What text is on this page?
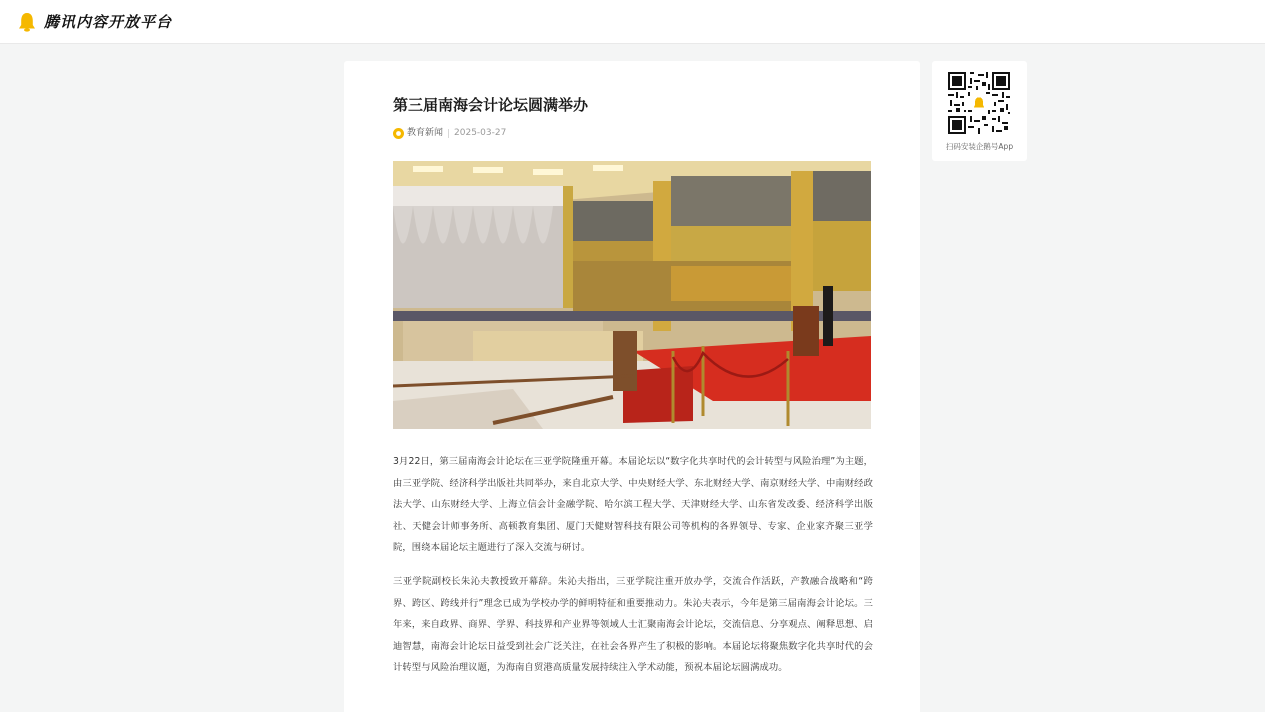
腾讯内容开放平台
第三届南海会计论坛圆满举办
教育新闻 2025-03-27

3月22日，第三届南海会计论坛在三亚学院隆重开幕。本届论坛以“数字化共享时代的会计转型与风险治理”为主题，由三亚学院、经济科学出版社共同举办，来自北京大学、中央财经大学、东北财经大学、南京财经大学、中南财经政法大学、山东财经大学、上海立信会计金融学院、哈尔滨工程大学、天津财经大学、山东省发改委、经济科学出版社、天健会计师事务所、高顿教育集团、厦门天健财智科技有限公司等机构的各界领导、专家、企业家齐聚三亚学院，围绕本届论坛主题进行了深入交流与研讨。

三亚学院副校长朱沁夫教授致开幕辞。朱沁夫指出，三亚学院注重开放办学，交流合作活跃，产教融合战略和“跨界、跨区、跨线并行”理念已成为学校办学的鲜明特征和重要推动力。朱沁夫表示，今年是第三届南海会计论坛。三年来，来自政界、商界、学界、科技界和产业界等领域人士汇聚南海会计论坛，交流信息、分享观点、阐释思想、启迪智慧，南海会计论坛日益受到社会广泛关注，在社会各界产生了积极的影响。本届论坛将聚焦数字化共享时代的会计转型与风险治理议题，为海南自贸港高质量发展持续注入学术动能，预祝本届论坛圆满成功。

扫码安装企鹅号App
